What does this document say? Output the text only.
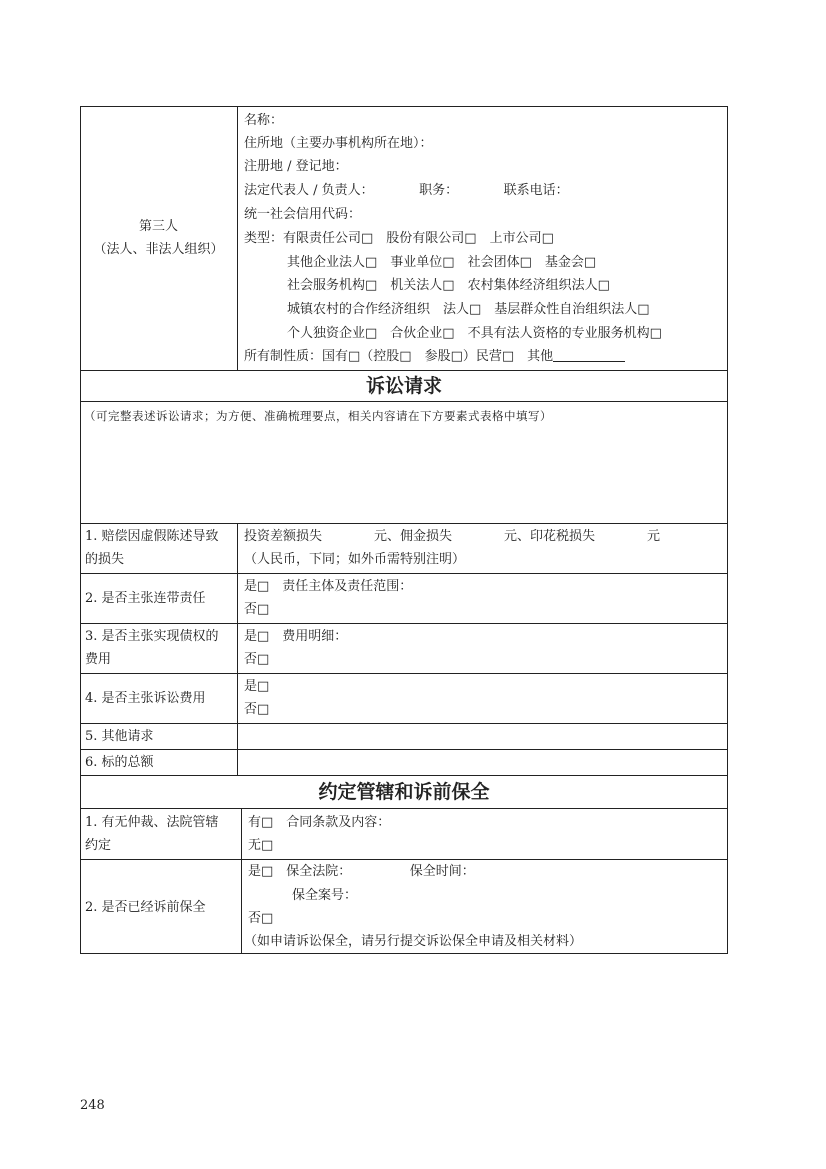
第三人
（法人、非法人组织）
名称：
住所地（主要办事机构所在地）：
注册地 / 登记地：
法定代表人 / 负责人：　　　　职务：　　　　联系电话：
统一社会信用代码：
类型：有限责任公司□　股份有限公司□　上市公司□
其他企业法人□　事业单位□　社会团体□　基金会□
社会服务机构□　机关法人□　农村集体经济组织法人□
城镇农村的合作经济组织　法人□　基层群众性自治组织法人□
个人独资企业□　合伙企业□　不具有法人资格的专业服务机构□
所有制性质：国有□（控股□　参股□）民营□　其他
诉讼请求
（可完整表述诉讼请求；为方便、准确梳理要点，相关内容请在下方要素式表格中填写）
1. 赔偿因虚假陈述导致
的损失
投资差额损失　　　　元、佣金损失　　　　元、印花税损失　　　　元
（人民币，下同；如外币需特别注明）
2. 是否主张连带责任
是□　责任主体及责任范围：
否□
3. 是否主张实现债权的
费用
是□　费用明细：
否□
4. 是否主张诉讼费用
是□
否□
5. 其他请求
6. 标的总额
约定管辖和诉前保全
1. 有无仲裁、法院管辖
约定
有□　合同条款及内容：
无□
2. 是否已经诉前保全
是□　保全法院：　　　　　保全时间：
保全案号：
否□
（如申请诉讼保全，请另行提交诉讼保全申请及相关材料）
248
